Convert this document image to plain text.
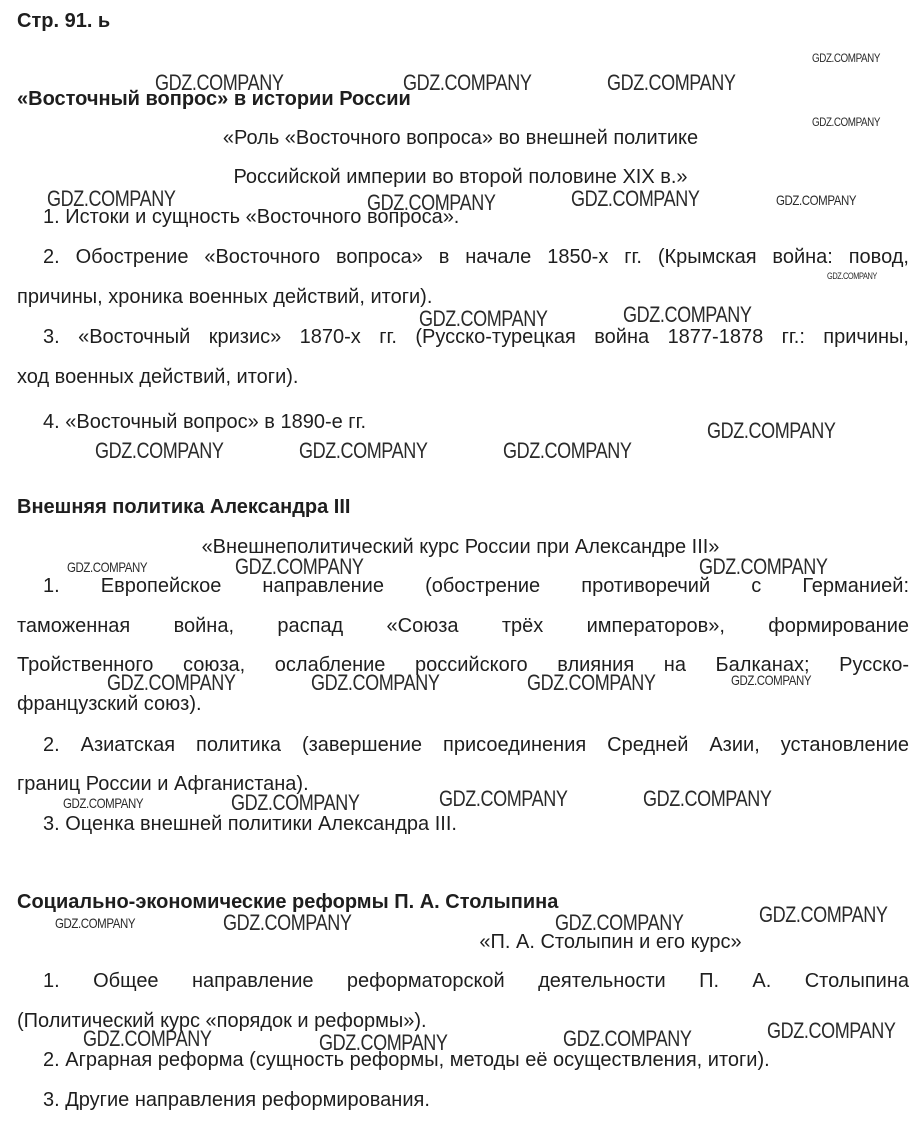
Стр. 91. ь
«Восточный вопрос» в истории России
«Роль «Восточного вопроса» во внешней политике
Российской империи во второй половине XIX в.»
1. Истоки и сущность «Восточного вопроса».
2. Обострение «Восточного вопроса» в начале 1850-х гг. (Крымская война: повод,
причины, хроника военных действий, итоги).
3. «Восточный кризис» 1870-х гг. (Русско-турецкая война 1877-1878 гг.: причины,
ход военных действий, итоги).
4. «Восточный вопрос» в 1890-е гг.
Внешняя политика Александра III
«Внешнеполитический курс России при Александре III»
1. Европейское направление (обострение противоречий с Германией:
таможенная война, распад «Союза трёх императоров», формирование
Тройственного союза, ослабление российского влияния на Балканах; Русско-
французский союз).
2. Азиатская политика (завершение присоединения Средней Азии, установление
границ России и Афганистана).
3. Оценка внешней политики Александра III.
Социально-экономические реформы П. А. Столыпина
«П. А. Столыпин и его курс»
1. Общее направление реформаторской деятельности П. А. Столыпина
(Политический курс «порядок и реформы»).
2. Аграрная реформа (сущность реформы, методы её осуществления, итоги).
3. Другие направления реформирования.
GDZ.COMPANY
GDZ.COMPANY	GDZ.COMPANY	GDZ.COMPANY
GDZ.COMPANY
GDZ.COMPANY	GDZ.COMPANY	GDZ.COMPANY	GDZ.COMPANY
GDZ.COMPANY
GDZ.COMPANY	GDZ.COMPANY
GDZ.COMPANY
GDZ.COMPANY	GDZ.COMPANY	GDZ.COMPANY
GDZ.COMPANY	GDZ.COMPANY	GDZ.COMPANY
GDZ.COMPANY	GDZ.COMPANY	GDZ.COMPANY	GDZ.COMPANY
GDZ.COMPANY	GDZ.COMPANY	GDZ.COMPANY	GDZ.COMPANY
GDZ.COMPANY
GDZ.COMPANY	GDZ.COMPANY	GDZ.COMPANY
GDZ.COMPANY
GDZ.COMPANY	GDZ.COMPANY	GDZ.COMPANY
